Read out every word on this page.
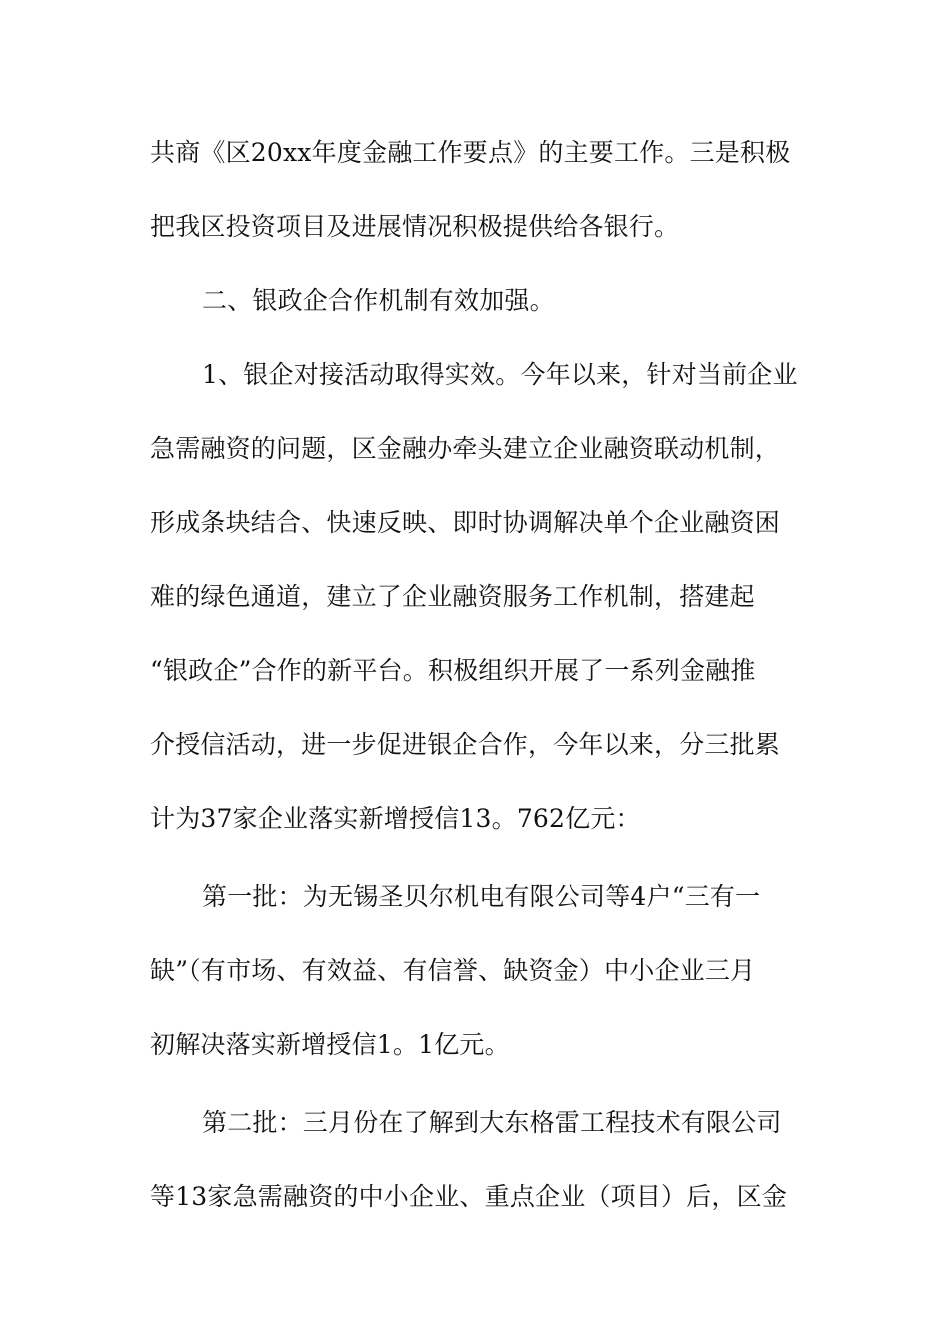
共商《区20xx年度金融工作要点》的主要工作。三是积极
把我区投资项目及进展情况积极提供给各银行。
二、银政企合作机制有效加强。
1、银企对接活动取得实效。今年以来，针对当前企业
急需融资的问题，区金融办牵头建立企业融资联动机制，
形成条块结合、快速反映、即时协调解决单个企业融资困
难的绿色通道，建立了企业融资服务工作机制，搭建起
“银政企”合作的新平台。积极组织开展了一系列金融推
介授信活动，进一步促进银企合作，今年以来，分三批累
计为37家企业落实新增授信13。762亿元：
第一批：为无锡圣贝尔机电有限公司等4户“三有一
缺”（有市场、有效益、有信誉、缺资金）中小企业三月
初解决落实新增授信1。1亿元。
第二批：三月份在了解到大东格雷工程技术有限公司
等13家急需融资的中小企业、重点企业（项目）后，区金
